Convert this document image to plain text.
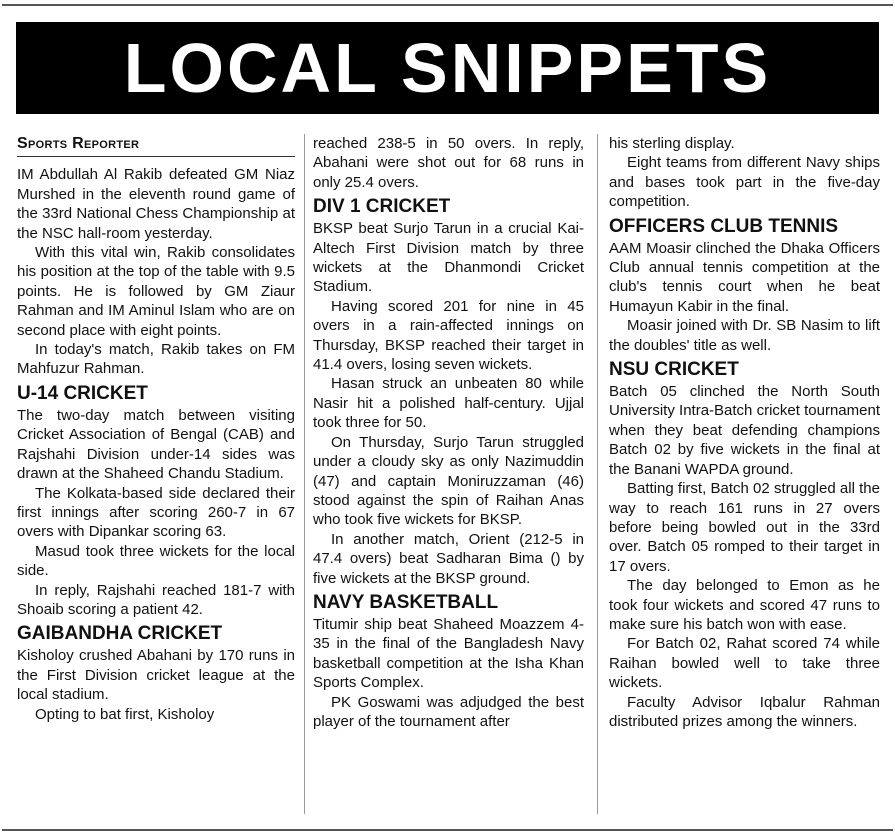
LOCAL SNIPPETS
Sports Reporter

IM Abdullah Al Rakib defeated GM Niaz Murshed in the eleventh round game of the 33rd National Chess Championship at the NSC hall-room yesterday.

With this vital win, Rakib consolidates his position at the top of the table with 9.5 points. He is followed by GM Ziaur Rahman and IM Aminul Islam who are on second place with eight points.

In today's match, Rakib takes on FM Mahfuzur Rahman.

U-14 CRICKET

The two-day match between visiting Cricket Association of Bengal (CAB) and Rajshahi Division under-14 sides was drawn at the Shaheed Chandu Stadium.

The Kolkata-based side declared their first innings after scoring 260-7 in 67 overs with Dipankar scoring 63.

Masud took three wickets for the local side.

In reply, Rajshahi reached 181-7 with Shoaib scoring a patient 42.

GAIBANDHA CRICKET

Kisholoy crushed Abahani by 170 runs in the First Division cricket league at the local stadium.

Opting to bat first, Kisholoy

reached 238-5 in 50 overs. In reply, Abahani were shot out for 68 runs in only 25.4 overs.

DIV 1 CRICKET

BKSP beat Surjo Tarun in a crucial Kai-Altech First Division match by three wickets at the Dhanmondi Cricket Stadium.

Having scored 201 for nine in 45 overs in a rain-affected innings on Thursday, BKSP reached their target in 41.4 overs, losing seven wickets.

Hasan struck an unbeaten 80 while Nasir hit a polished half-century. Ujjal took three for 50.

On Thursday, Surjo Tarun struggled under a cloudy sky as only Nazimuddin (47) and captain Moniruzzaman (46) stood against the spin of Raihan Anas who took five wickets for BKSP.

In another match, Orient (212-5 in 47.4 overs) beat Sadharan Bima () by five wickets at the BKSP ground.

NAVY BASKETBALL

Titumir ship beat Shaheed Moazzem 4-35 in the final of the Bangladesh Navy basketball competition at the Isha Khan Sports Complex.

PK Goswami was adjudged the best player of the tournament after

his sterling display.

Eight teams from different Navy ships and bases took part in the five-day competition.

OFFICERS CLUB TENNIS

AAM Moasir clinched the Dhaka Officers Club annual tennis competition at the club's tennis court when he beat Humayun Kabir in the final.

Moasir joined with Dr. SB Nasim to lift the doubles' title as well.

NSU CRICKET

Batch 05 clinched the North South University Intra-Batch cricket tournament when they beat defending champions Batch 02 by five wickets in the final at the Banani WAPDA ground.

Batting first, Batch 02 struggled all the way to reach 161 runs in 27 overs before being bowled out in the 33rd over. Batch 05 romped to their target in 17 overs.

The day belonged to Emon as he took four wickets and scored 47 runs to make sure his batch won with ease.

For Batch 02, Rahat scored 74 while Raihan bowled well to take three wickets.

Faculty Advisor Iqbalur Rahman distributed prizes among the winners.
